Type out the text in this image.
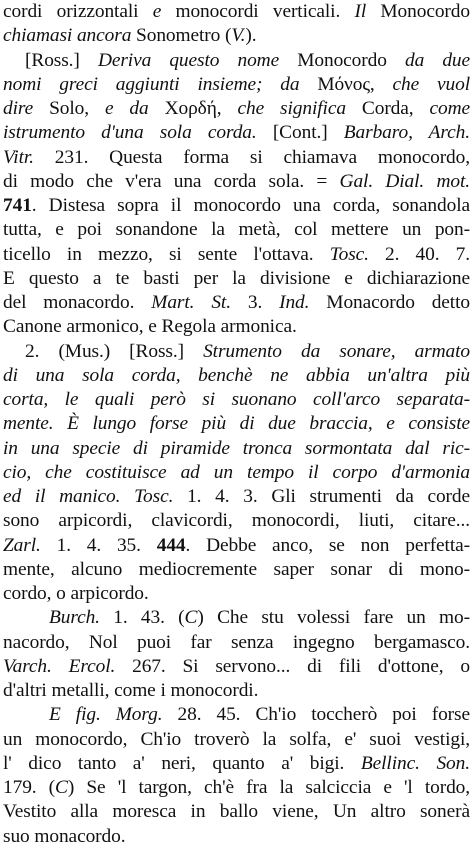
cordi orizzontali e monocordi verticali. Il Monocordo
chiamasi ancora Sonometro (V.).
[Ross.] Deriva questo nome Monocordo da due
nomi greci aggiunti insieme; da Μόνος, che vuol
dire Solo, e da Χορδή, che significa Corda, come
istrumento d'una sola corda. [Cont.] Barbaro, Arch.
Vitr. 231. Questa forma si chiamava monocordo,
di modo che v'era una corda sola. = Gal. Dial. mot.
741. Distesa sopra il monocordo una corda, sonandola
tutta, e poi sonandone la metà, col mettere un pon-
ticello in mezzo, si sente l'ottava. Tosc. 2. 40. 7.
E questo a te basti per la divisione e dichiarazione
del monacordo. Mart. St. 3. Ind. Monacordo detto
Canone armonico, e Regola armonica.
2. (Mus.) [Ross.] Strumento da sonare, armato
di una sola corda, benchè ne abbia un'altra più
corta, le quali però si suonano coll'arco separata-
mente. È lungo forse più di due braccia, e consiste
in una specie di piramide tronca sormontata dal ric-
cio, che costituisce ad un tempo il corpo d'armonia
ed il manico. Tosc. 1. 4. 3. Gli strumenti da corde
sono arpicordi, clavicordi, monocordi, liuti, citare...
Zarl. 1. 4. 35. 444. Debbe anco, se non perfetta-
mente, alcuno mediocremente saper sonar di mono-
cordo, o arpicordo.
Burch. 1. 43. (C) Che stu volessi fare un mo-
nacordo, Nol puoi far senza ingegno bergamasco.
Varch. Ercol. 267. Si servono... di fili d'ottone, o
d'altri metalli, come i monocordi.
E fig. Morg. 28. 45. Ch'io toccherò poi forse
un monocordo, Ch'io troverò la solfa, e' suoi vestigi,
l' dico tanto a' neri, quanto a' bigi. Bellinc. Son.
179. (C) Se 'l targon, ch'è fra la salciccia e 'l tordo,
Vestito alla moresca in ballo viene, Un altro sonerà
suo monacordo.
